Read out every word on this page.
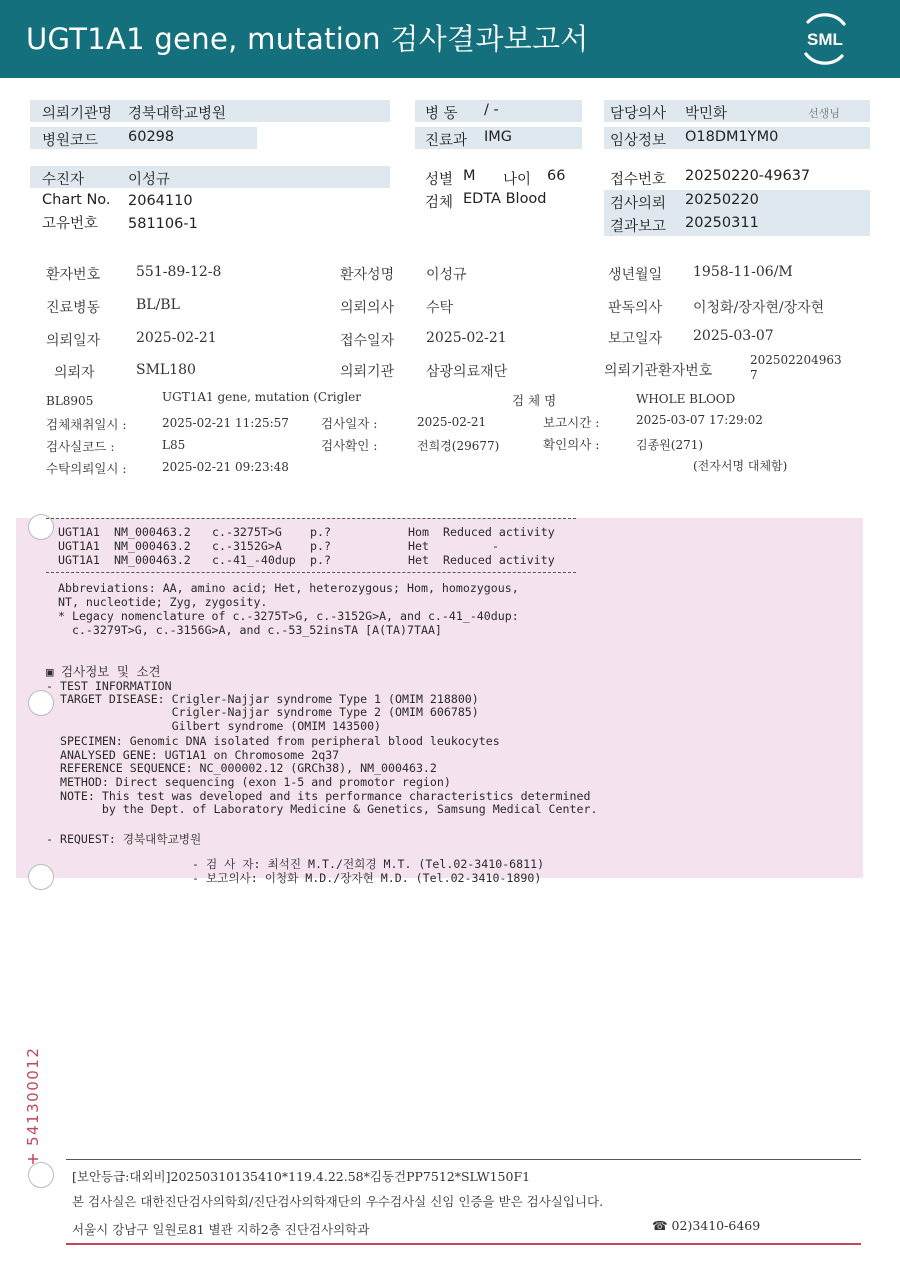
UGT1A1 gene, mutation 검사결과보고서	SML
의뢰기관명 경북대학교병원
병원코드 60298
병 동 / -
진료과 IMG
담당의사 박민화	선생님
임상정보 O18DM1YM0
수진자	이성규
Chart No. 2064110
고유번호 581106-1
성별 M 나이 66
검체 EDTA Blood
접수번호 20250220-49637
검사의뢰 20250220
결과보고 20250311
환자번호	551-89-12-8	환자성명 이성규	생년월일 1958-11-06/M
진료병동	BL/BL	의뢰의사 수탁	판독의사 이청화/장자현/장자현
의뢰일자	2025-02-21	접수일자 2025-02-21	보고일자 2025-03-07
의뢰자	SML180	의뢰기관 삼광의료재단	의뢰기관환자번호
202502204963
7
BL8905	UGT1A1 gene, mutation (Crigler	검 체 명	WHOLE BLOOD
검체채취일시 :	2025-02-21 11:25:57	검사일자 :	2025-02-21	보고시간 :	2025-03-07 17:29:02
검사실코드 :	L85	검사확인 :	전희경(29677)	확인의사 :	김종원(271)
수탁의뢰일시 :	2025-02-21 09:23:48	(전자서명 대체함)
UGT1A1 NM_000463.2 c.-3275T>G p.?	Hom Reduced activity
UGT1A1 NM_000463.2 c.-3152G>A p.?	Het	-
UGT1A1 NM_000463.2 c.-41_-40dup p.?	Het Reduced activity
Abbreviations: AA, amino acid; Het, heterozygous; Hom, homozygous,
NT, nucleotide; Zyg, zygosity.
* Legacy nomenclature of c.-3275T>G, c.-3152G>A, and c.-41_-40dup:
c.-3279T>G, c.-3156G>A, and c.-53_52insTA [A(TA)7TAA]
▣ 검사정보 및 소견
- TEST INFORMATION
TARGET DISEASE: Crigler-Najjar syndrome Type 1 (OMIM 218800)
Crigler-Najjar syndrome Type 2 (OMIM 606785)
Gilbert syndrome (OMIM 143500)
SPECIMEN: Genomic DNA isolated from peripheral blood leukocytes
ANALYSED GENE: UGT1A1 on Chromosome 2q37
REFERENCE SEQUENCE: NC_000002.12 (GRCh38), NM_000463.2
METHOD: Direct sequencing (exon 1-5 and promotor region)
NOTE: This test was developed and its performance characteristics determined
by the Dept. of Laboratory Medicine & Genetics, Samsung Medical Center.
- REQUEST: 경북대학교병원
- 검 사 자: 최석진 M.T./전희경 M.T. (Tel.02-3410-6811)
- 보고의사: 이청화 M.D./장자현 M.D. (Tel.02-3410-1890)
541300012
[보안등급:대외비]20250310135410*119.4.22.58*김동건PP7512*SLW150F1
본 검사실은 대한진단검사의학회/진단검사의학재단의 우수검사실 신임 인증을 받은 검사실입니다.
서울시 강남구 일원로81 별관 지하2층 진단검사의학과	☎ 02)3410-6469
